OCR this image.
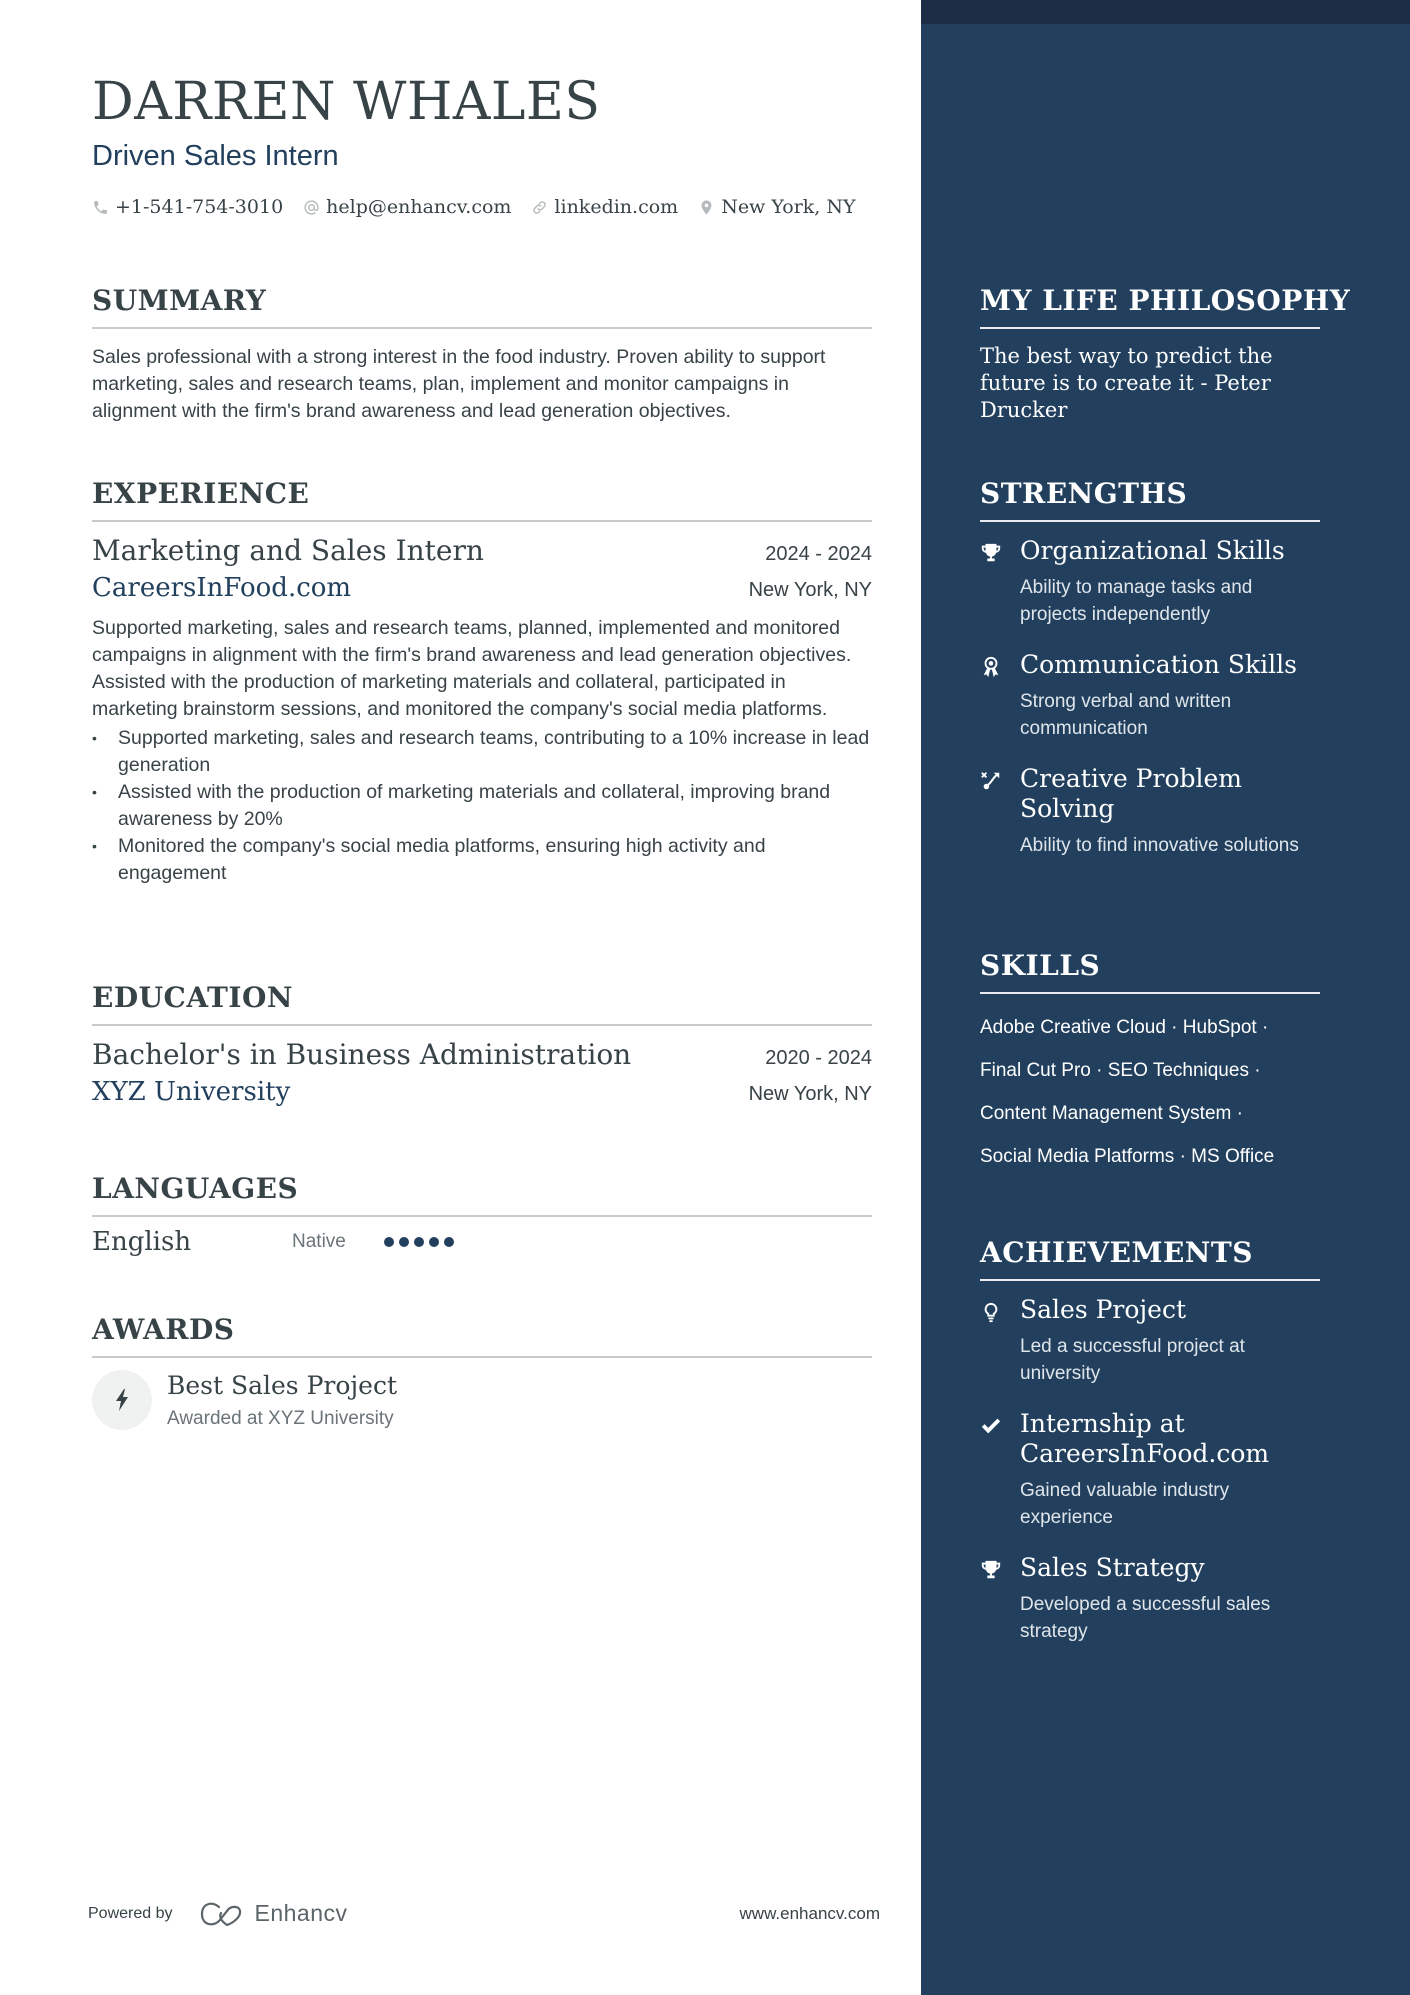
DARREN WHALES
Driven Sales Intern
+1-541-754-3010 help@enhancv.com linkedin.com New York, NY
SUMMARY

Sales professional with a strong interest in the food industry. Proven ability to support marketing, sales and research teams, plan, implement and monitor campaigns in alignment with the firm's brand awareness and lead generation objectives.

EXPERIENCE
Marketing and Sales Intern	2024 - 2024
CareersInFood.com	New York, NY

Supported marketing, sales and research teams, planned, implemented and monitored campaigns in alignment with the firm's brand awareness and lead generation objectives. Assisted with the production of marketing materials and collateral, participated in marketing brainstorm sessions, and monitored the company's social media platforms.

• Supported marketing, sales and research teams, contributing to a 10% increase in lead generation
• Assisted with the production of marketing materials and collateral, improving brand awareness by 20%
• Monitored the company's social media platforms, ensuring high activity and engagement
EDUCATION
Bachelor's in Business Administration	2020 - 2024
XYZ University	New York, NY
LANGUAGES
English	Native
AWARDS
Best Sales Project
Awarded at XYZ University
Powered by	Enhancv	www.enhancv.com
MY LIFE PHILOSOPHY

The best way to predict the future is to create it - Peter Drucker

STRENGTHS
Organizational Skills
Ability to manage tasks and projects independently
Communication Skills
Strong verbal and written communication
Creative Problem Solving
Ability to find innovative solutions
SKILLS
Adobe Creative Cloud · HubSpot ·
Final Cut Pro · SEO Techniques ·
Content Management System ·
Social Media Platforms · MS Office
ACHIEVEMENTS
Sales Project
Led a successful project at university
Internship at CareersInFood.com
Gained valuable industry experience
Sales Strategy
Developed a successful sales strategy
